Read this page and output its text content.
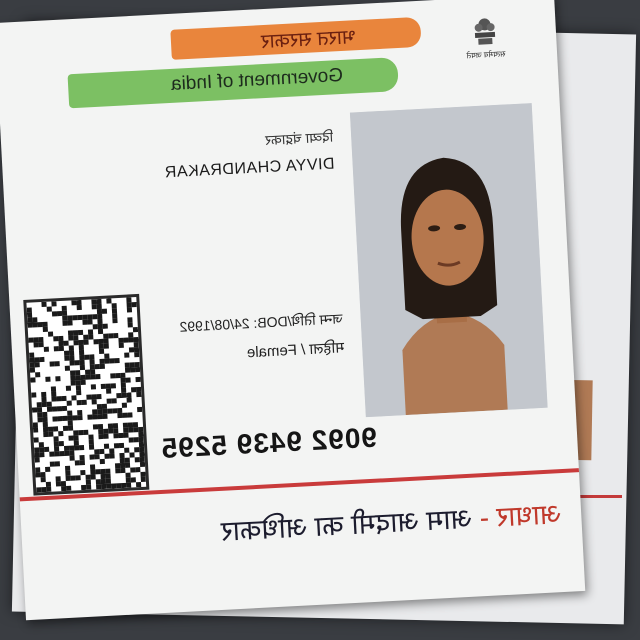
भारत सरकार
Government of India
सत्यमेव जयते
दिव्या चंद्राकर
DIVYA CHANDRAKAR
जन्म तिथि/DOB: 24/08/1992
महिला / Female
9092 9439 5295
आधार - आम आदमी का अधिकार
